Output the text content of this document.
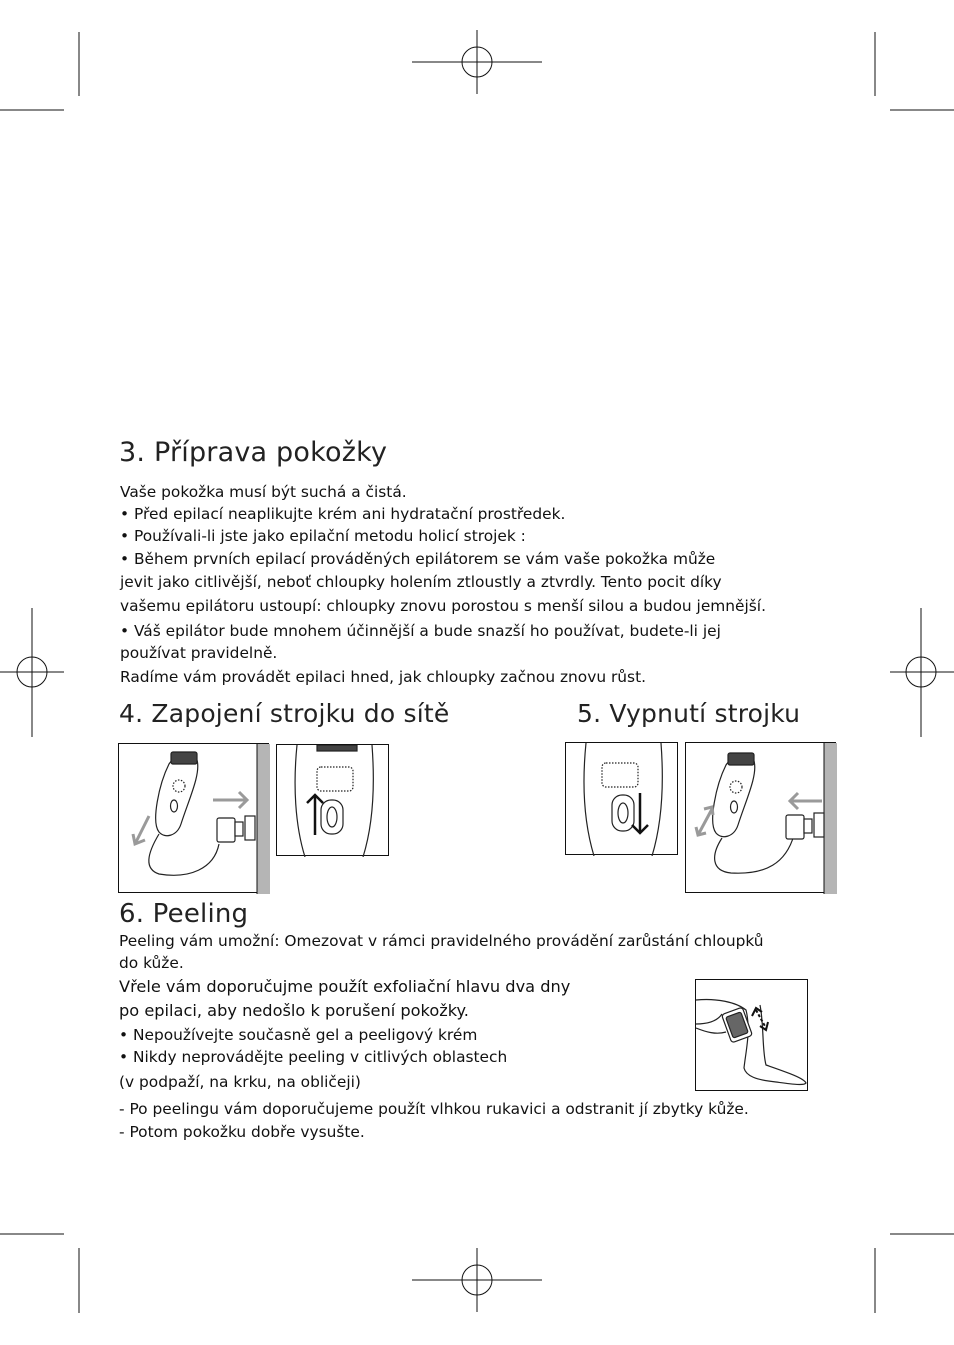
3. Příprava pokožky

Vaše pokožka musí být suchá a čistá.

• Před epilací neaplikujte krém ani hydratační prostředek.

• Používali-li jste jako epilační metodu holicí strojek :

• Během prvních epilací prováděných epilátorem se vám vaše pokožka může

jevit jako citlivější, neboť chloupky holením ztloustly a ztvrdly. Tento pocit díky

vašemu epilátoru ustoupí: chloupky znovu porostou s menší silou a budou jemnější.

• Váš epilátor bude mnohem účinnější a bude snazší ho používat, budete-li jej

používat pravidelně.

Radíme vám provádět epilaci hned, jak chloupky začnou znovu růst.

4. Zapojení strojku do sítě	5. Vypnutí strojku
6. Peeling

Peeling vám umožní: Omezovat v rámci pravidelného provádění zarůstání chloupků

do kůže.

Vřele vám doporučujme použít exfoliační hlavu dva dny

po epilaci, aby nedošlo k porušení pokožky.

• Nepoužívejte současně gel a peeligový krém

• Nikdy neprovádějte peeling v citlivých oblastech

(v podpaží, na krku, na obličeji)

- Po peelingu vám doporučujeme použít vlhkou rukavici a odstranit jí zbytky kůže.

- Potom pokožku dobře vysušte.
